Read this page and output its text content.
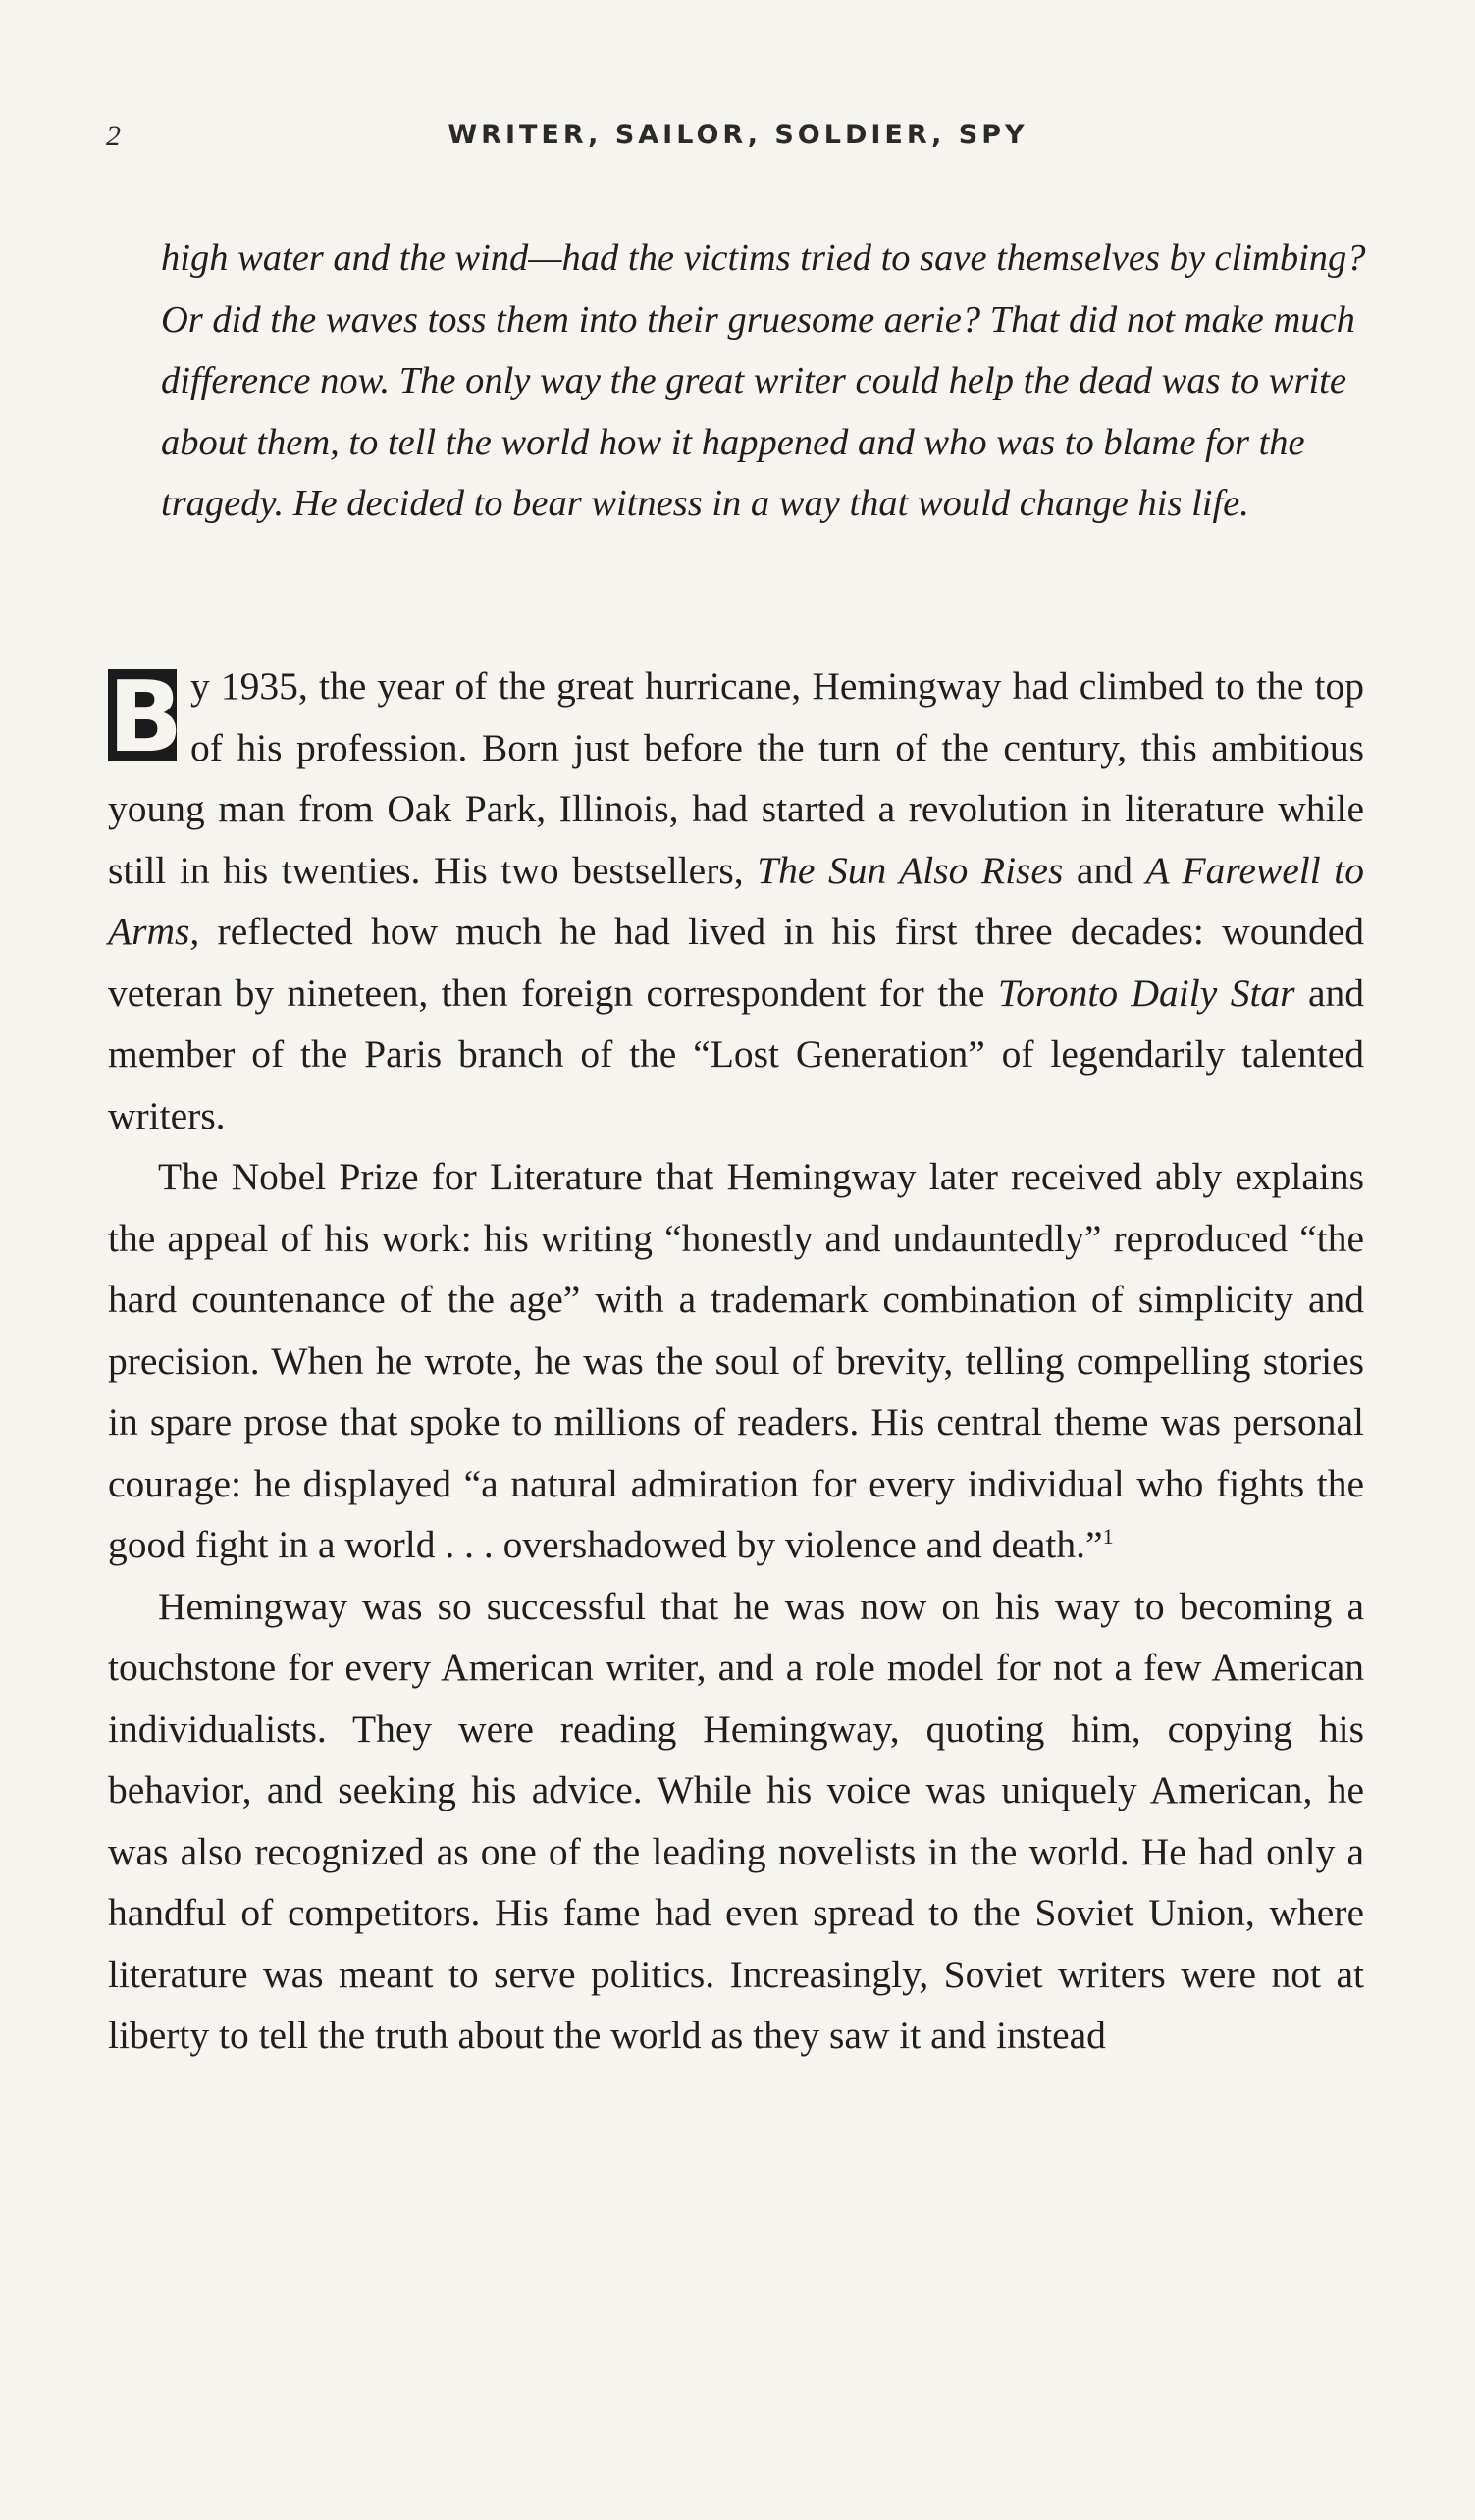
2	WRITER, SAILOR, SOLDIER, SPY
high water and the wind—had the victims tried to save themselves by climbing? Or did the waves toss them into their gruesome aerie? That did not make much difference now. The only way the great writer could help the dead was to write about them, to tell the world how it happened and who was to blame for the tragedy. He decided to bear witness in a way that would change his life.

B y 1935, the year of the great hurricane, Hemingway had climbed to the top of his profession. Born just before the turn of the century, this ambitious young man from Oak Park, Illinois, had started a revolution in literature while still in his twenties. His two bestsellers, The Sun Also Rises and A Farewell to Arms, reflected how much he had lived in his first three decades: wounded veteran by nineteen, then foreign correspondent for the Toronto Daily Star and member of the Paris branch of the “Lost Generation” of legendarily talented writers.

The Nobel Prize for Literature that Hemingway later received ably explains the appeal of his work: his writing “honestly and undauntedly” reproduced “the hard countenance of the age” with a trademark combination of simplicity and precision. When he wrote, he was the soul of brevity, telling compelling stories in spare prose that spoke to millions of readers. His central theme was personal courage: he displayed “a natural admiration for every individual who fights the good fight in a world . . . overshadowed by violence and death.”$^1$

Hemingway was so successful that he was now on his way to becoming a touchstone for every American writer, and a role model for not a few American individualists. They were reading Hemingway, quoting him, copying his behavior, and seeking his advice. While his voice was uniquely American, he was also recognized as one of the leading novelists in the world. He had only a handful of competitors. His fame had even spread to the Soviet Union, where literature was meant to serve politics. Increasingly, Soviet writers were not at liberty to tell the truth about the world as they saw it and instead
